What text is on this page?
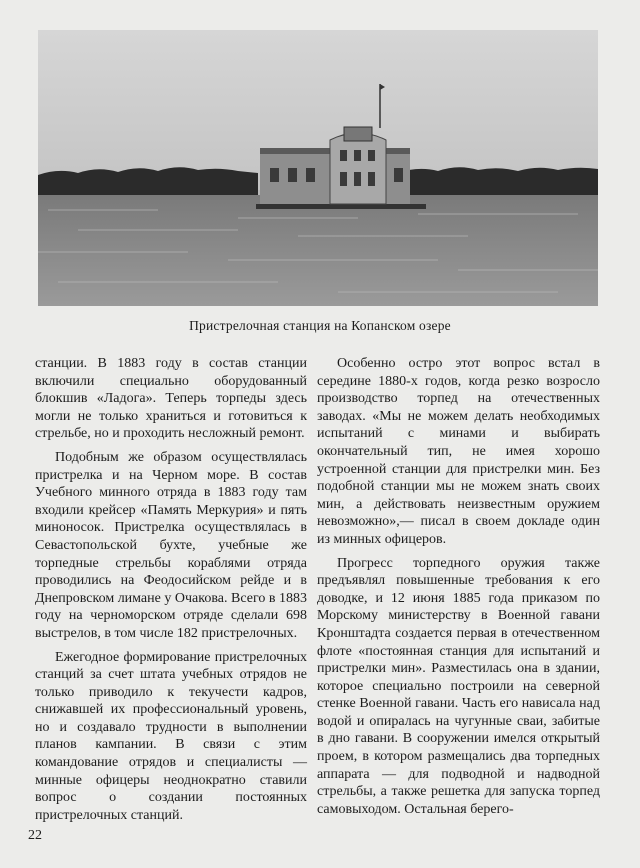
Пристрелочная станция на Копанском озере

станции. В 1883 году в состав станции включили специально оборудованный блокшив «Ладога». Теперь торпеды здесь могли не только храниться и готовиться к стрельбе, но и проходить несложный ремонт.

Подобным же образом осуществлялась пристрелка и на Черном море. В состав Учебного минного отряда в 1883 году там входили крейсер «Память Меркурия» и пять миноносок. Пристрелка осуществлялась в Севастопольской бухте, учебные же торпедные стрельбы кораблями отряда проводились на Феодосийском рейде и в Днепровском лимане у Очакова. Всего в 1883 году на черноморском отряде сделали 698 выстрелов, в том числе 182 пристрелочных.

Ежегодное формирование пристрелочных станций за счет штата учебных отрядов не только приводило к текучести кадров, снижавшей их профессиональный уровень, но и создавало трудности в выполнении планов кампании. В связи с этим командование отрядов и специалисты — минные офицеры неоднократно ставили вопрос о создании постоянных пристрелочных станций.

Особенно остро этот вопрос встал в середине 1880-х годов, когда резко возросло производство торпед на отечественных заводах. «Мы не можем делать необходимых испытаний с минами и выбирать окончательный тип, не имея хорошо устроенной станции для пристрелки мин. Без подобной станции мы не можем знать своих мин, а действовать неизвестным оружием невозможно»,— писал в своем докладе один из минных офицеров.

Прогресс торпедного оружия также предъявлял повышенные требования к его доводке, и 12 июня 1885 года приказом по Морскому министерству в Военной гавани Кронштадта создается первая в отечественном флоте «постоянная станция для испытаний и пристрелки мин». Разместилась она в здании, которое специально построили на северной стенке Военной гавани. Часть его нависала над водой и опиралась на чугунные сваи, забитые в дно гавани. В сооружении имелся открытый проем, в котором размещались два торпедных аппарата — для подводной и надводной стрельбы, а также решетка для запуска торпед самовыходом. Остальная берего-

22
